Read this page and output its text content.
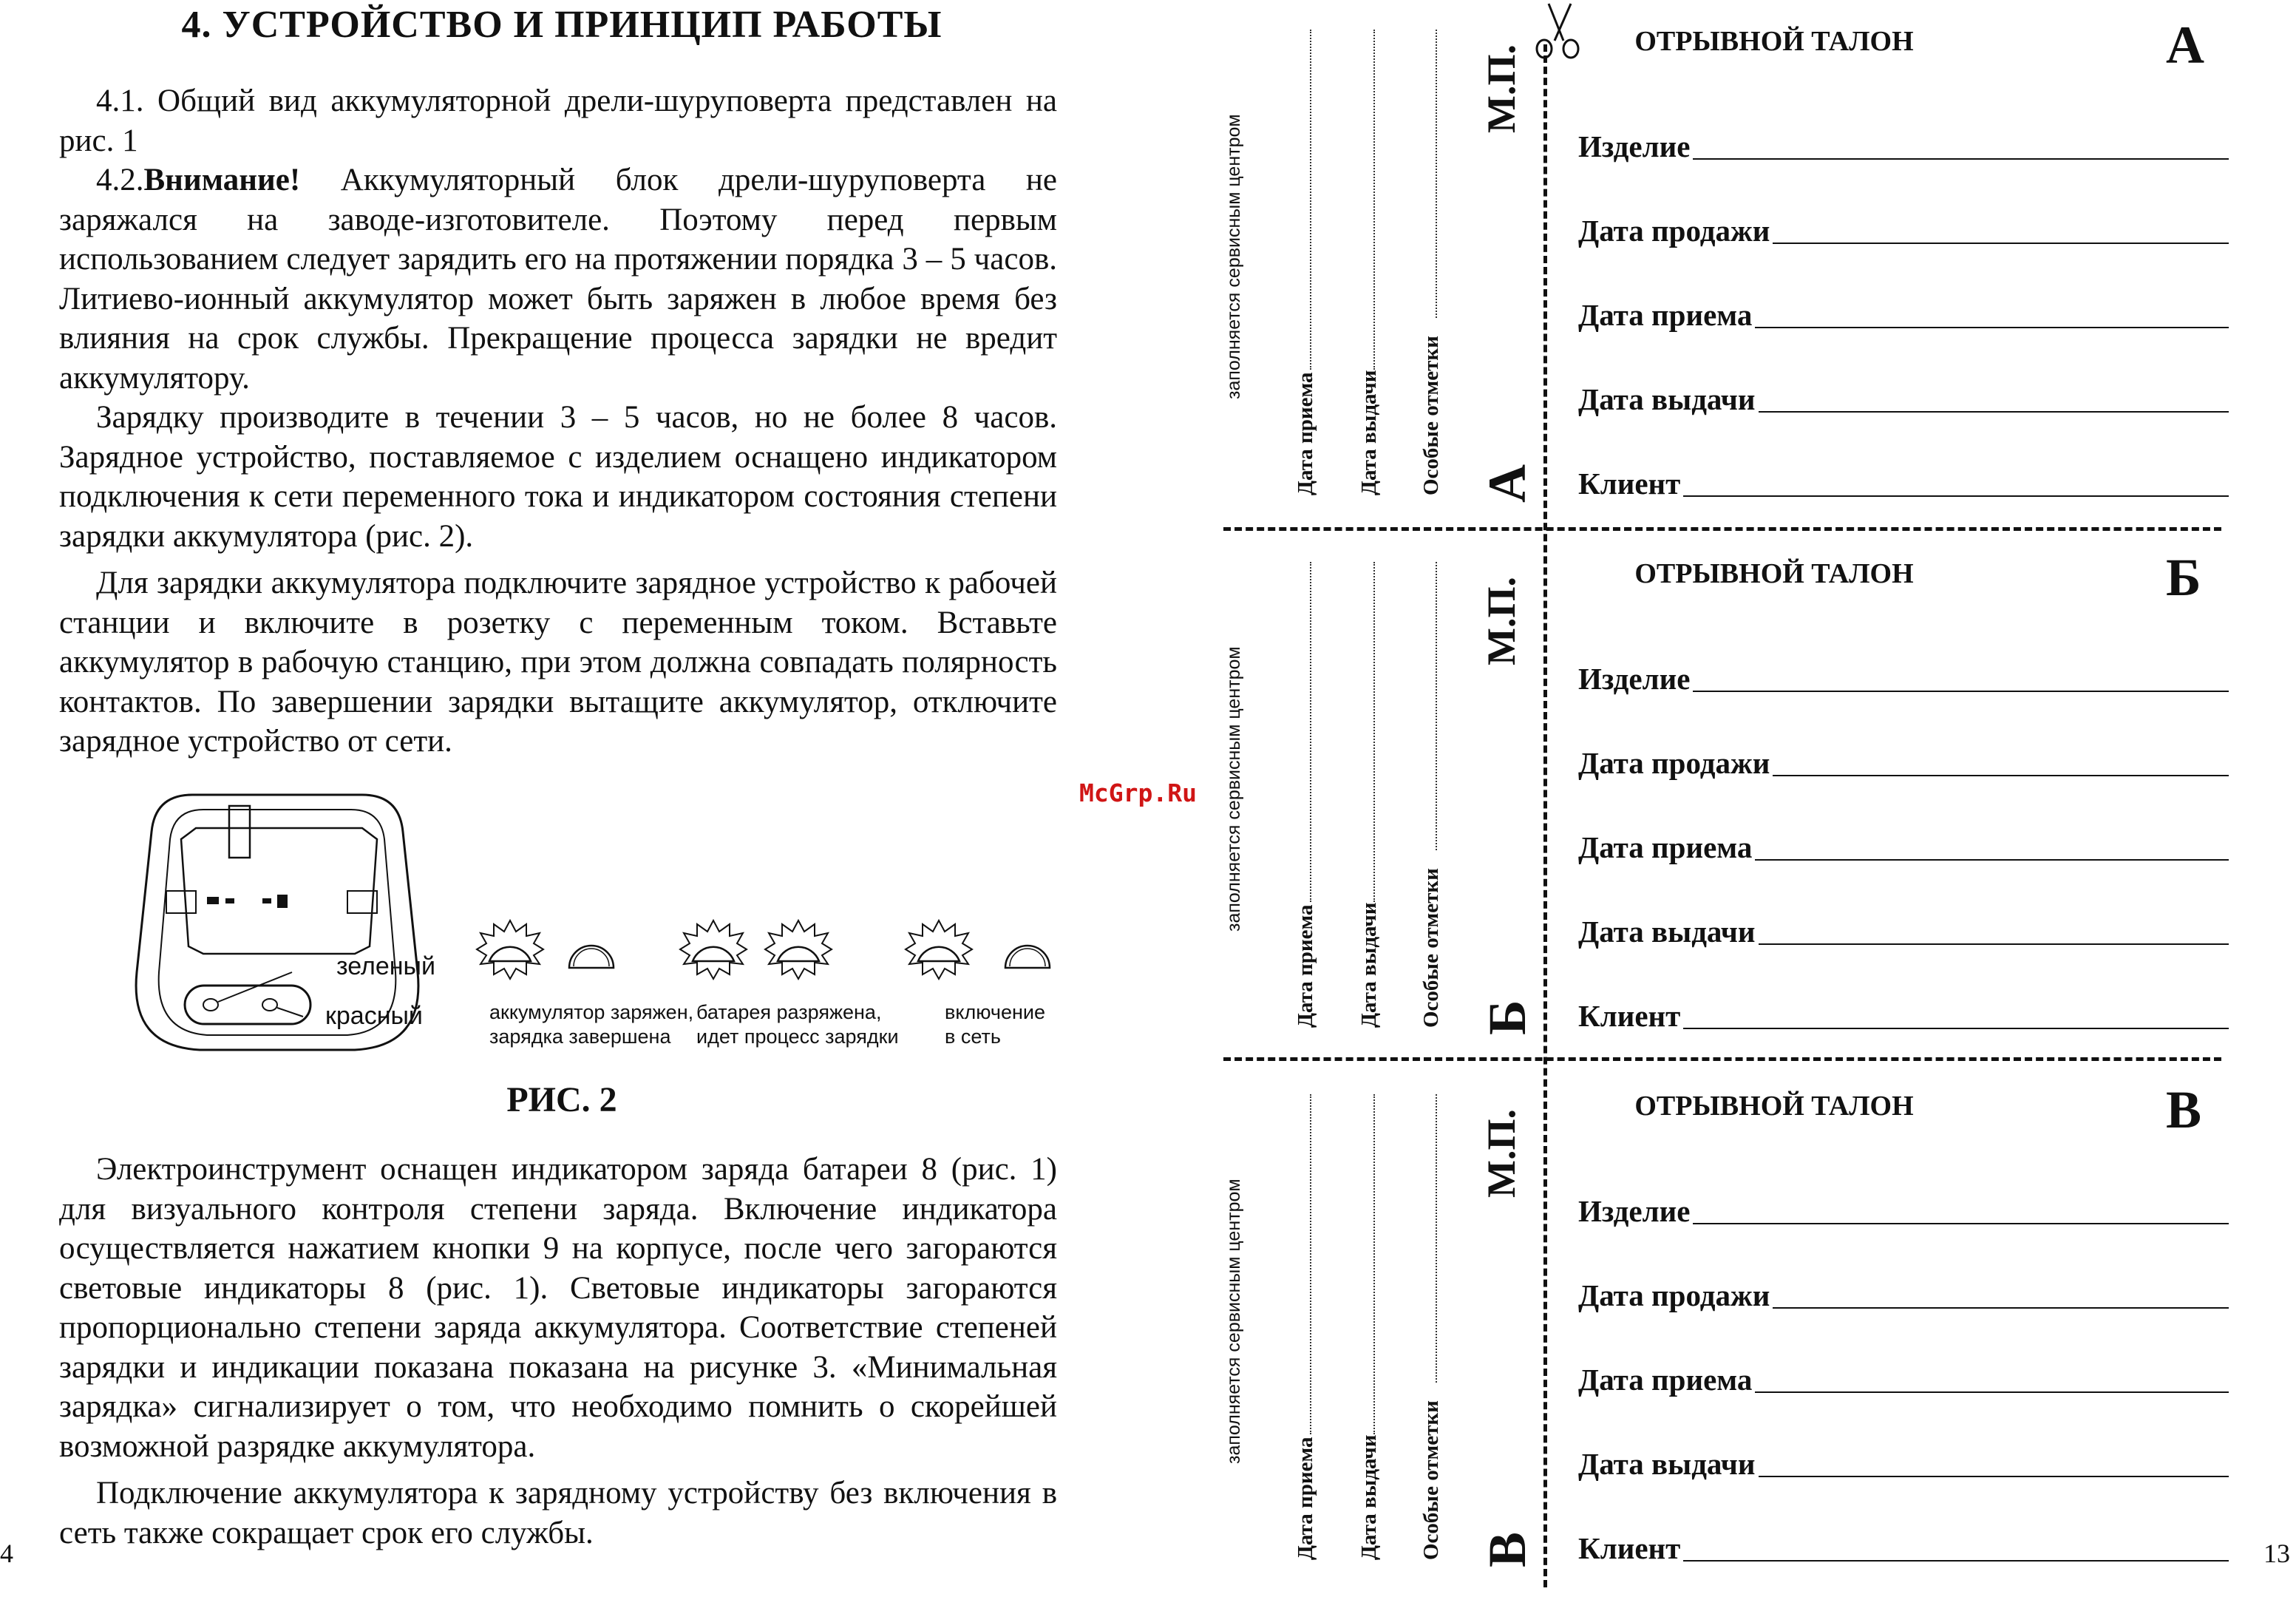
4. УСТРОЙСТВО И ПРИНЦИП РАБОТЫ

4.1. Общий вид аккумуляторной дрели-шуруповерта представлен на рис. 1

4.2.Внимание! Аккумуляторный блок дрели-шуруповерта не заряжался на заводе-изготовителе. Поэтому перед первым использованием следует зарядить его на протяжении порядка 3 – 5 часов. Литиево-ионный аккумулятор может быть заряжен в любое время без влияния на срок службы. Прекращение процесса зарядки не вредит аккумулятору.

Зарядку производите в течении 3 – 5 часов, но не более 8 часов. Зарядное устройство, поставляемое с изделием оснащено индикатором подключения к сети переменного тока и индикатором состояния степени зарядки аккумулятора (рис. 2).

Для зарядки аккумулятора подключите зарядное устройство к рабочей станции и включите в розетку с переменным током. Вставьте аккумулятор в рабочую станцию, при этом должна совпадать полярность контактов. По завершении зарядки вытащите аккумулятор, отключите зарядное устройство от сети.

зеленый
красный	аккумулятор заряжен,
зарядка завершена
батарея разряжена,
идет процесс зарядки
включение
в сеть
РИС. 2

Электроинструмент оснащен индикатором заряда батареи 8 (рис. 1) для визуального контроля степени заряда. Включение индикатора осуществляется нажатием кнопки 9 на корпусе, после чего загораются световые индикаторы 8 (рис. 1). Световые индикаторы загораются пропорционально степени заряда аккумулятора. Соответствие степеней зарядки и индикации показана показана на рисунке 3. «Минимальная зарядка» сигнализирует о том, что необходимо помнить о скорейшей возможной разрядке аккумулятора.

Подключение аккумулятора к зарядному устройству без включения в сеть также сокращает срок его службы.

4
McGrp.Ru
заполняется сервисным центром
Дата приема Дата выдачи Особые отметки
М.П.
А
ОТРЫВНОЙ ТАЛОН	А
Изделие
Дата продажи
Дата приема
Дата выдачи
Клиент
заполняется сервисным центром
Дата приема Дата выдачи Особые отметки
М.П.
Б
ОТРЫВНОЙ ТАЛОН	Б
Изделие
Дата продажи
Дата приема
Дата выдачи
Клиент
заполняется сервисным центром
Дата приема Дата выдачи Особые отметки
М.П.
В
ОТРЫВНОЙ ТАЛОН	В
Изделие
Дата продажи
Дата приема
Дата выдачи
Клиент	13
